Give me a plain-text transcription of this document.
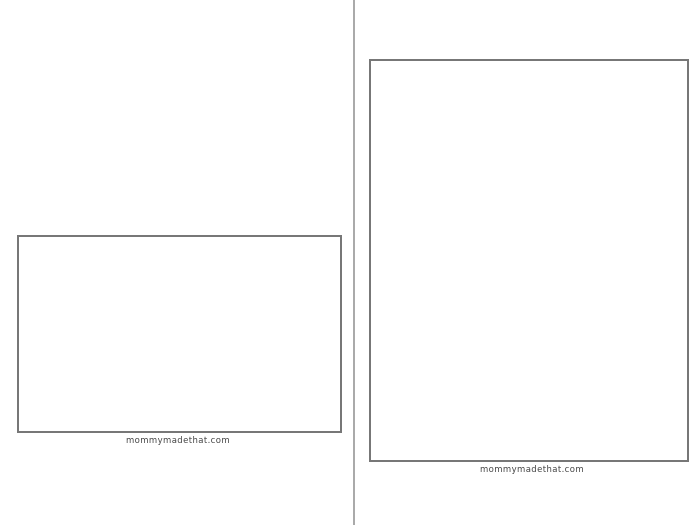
1
2
3
1
2
mommymadethat.com
mommymadethat.com
